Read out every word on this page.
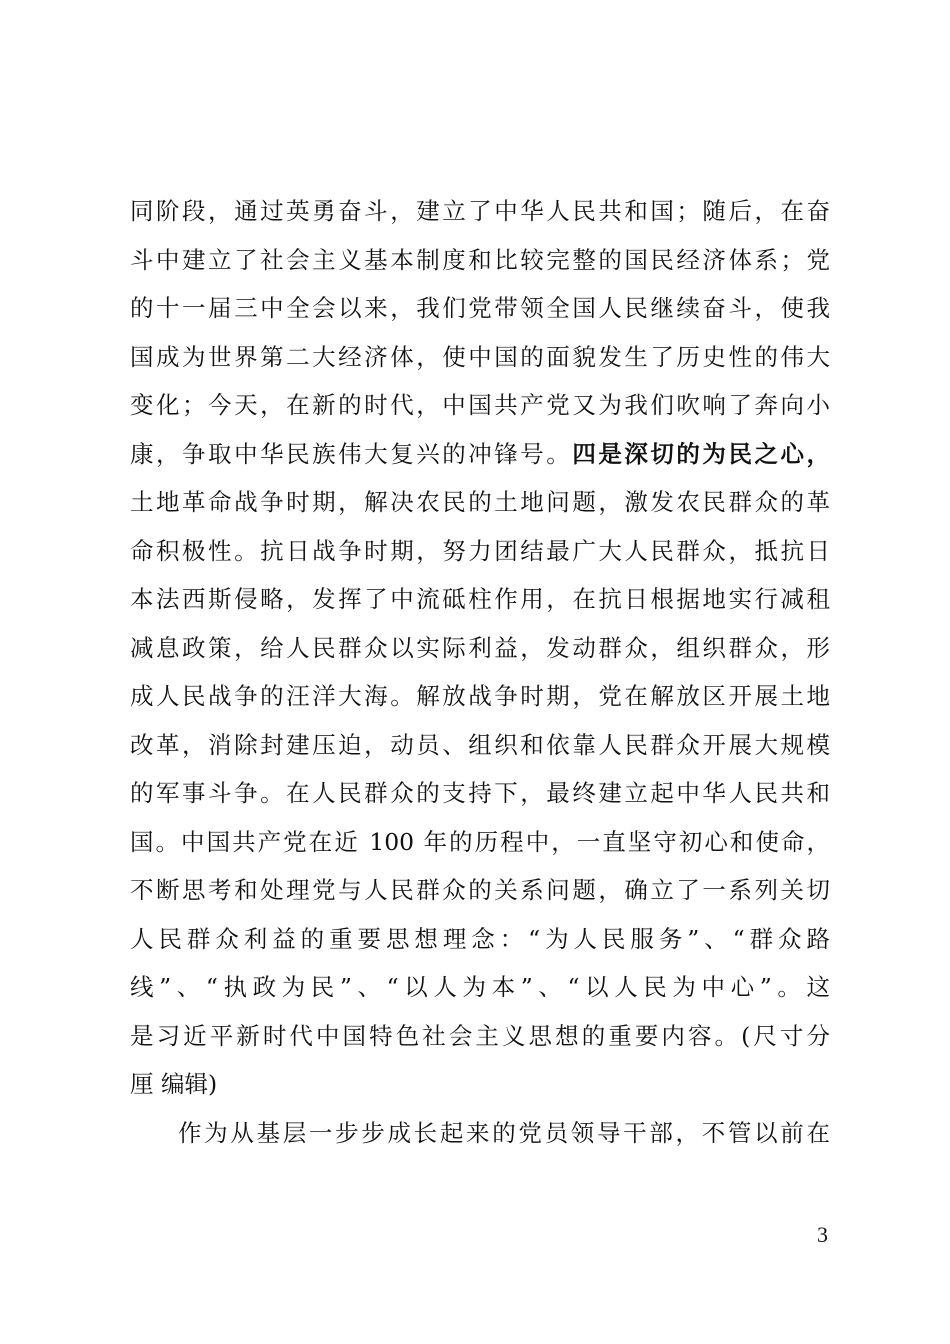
同阶段，通过英勇奋斗，建立了中华人民共和国；随后，在奋
斗中建立了社会主义基本制度和比较完整的国民经济体系；党
的十一届三中全会以来，我们党带领全国人民继续奋斗，使我
国成为世界第二大经济体，使中国的面貌发生了历史性的伟大
变化；今天，在新的时代，中国共产党又为我们吹响了奔向小
康，争取中华民族伟大复兴的冲锋号。四是深切的为民之心，
土地革命战争时期，解决农民的土地问题，激发农民群众的革
命积极性。抗日战争时期，努力团结最广大人民群众，抵抗日
本法西斯侵略，发挥了中流砥柱作用，在抗日根据地实行减租
减息政策，给人民群众以实际利益，发动群众，组织群众，形
成人民战争的汪洋大海。解放战争时期，党在解放区开展土地
改革，消除封建压迫，动员、组织和依靠人民群众开展大规模
的军事斗争。在人民群众的支持下，最终建立起中华人民共和
国。中国共产党在近 100 年的历程中，一直坚守初心和使命，
不断思考和处理党与人民群众的关系问题，确立了一系列关切
人民群众利益的重要思想理念：“为人民服务”、“群众路
线”、“执政为民”、“以人为本”、“以人民为中心”。这
是习近平新时代中国特色社会主义思想的重要内容。(尺寸分
厘 编辑)
作为从基层一步步成长起来的党员领导干部，不管以前在
3
